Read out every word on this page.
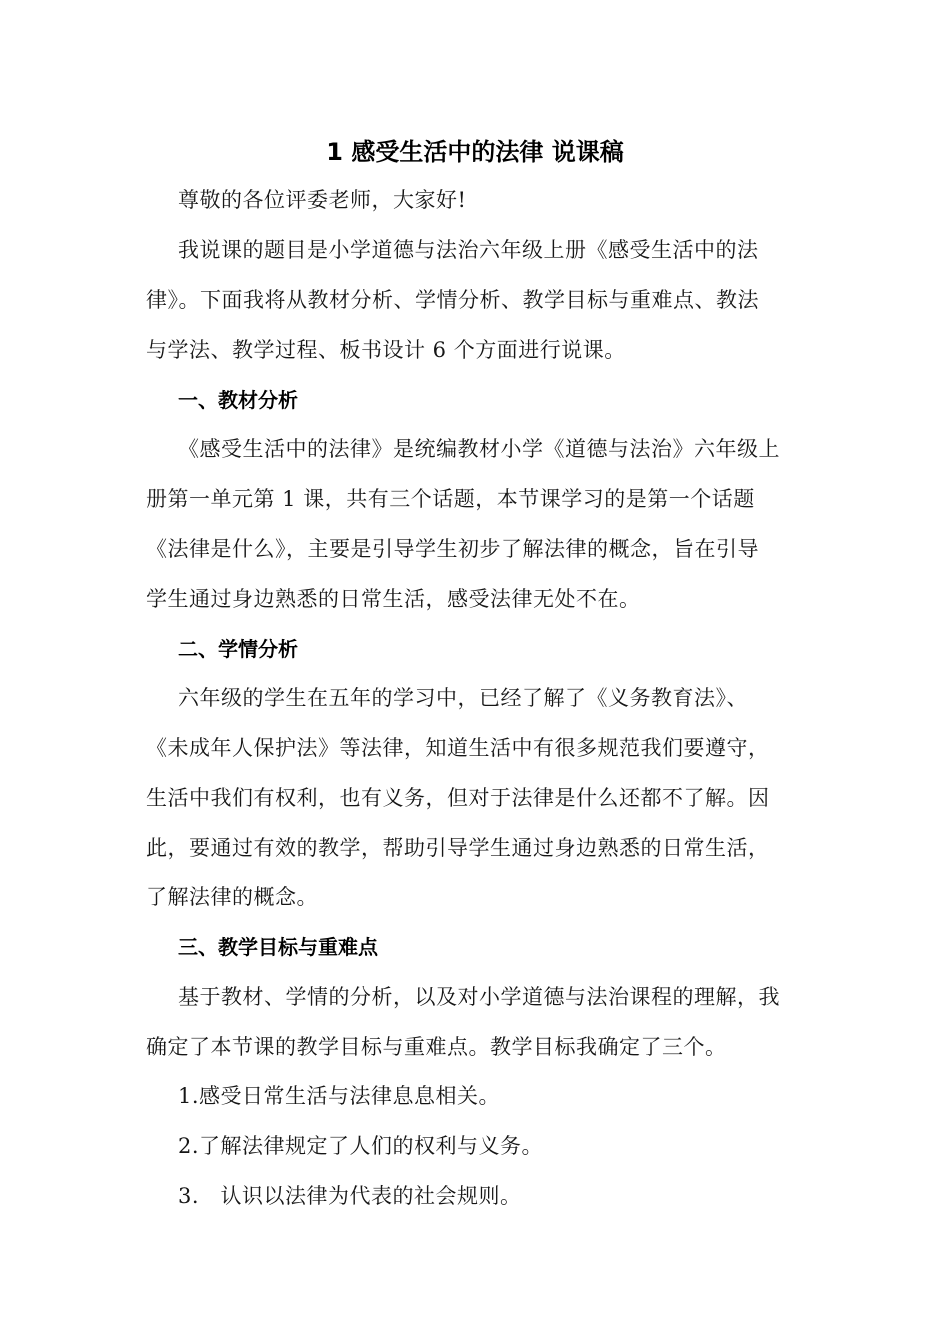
1 感受生活中的法律 说课稿
尊敬的各位评委老师，大家好!
我说课的题目是小学道德与法治六年级上册《感受生活中的法
律》。下面我将从教材分析、学情分析、教学目标与重难点、教法
与学法、教学过程、板书设计 6 个方面进行说课。
一、教材分析
《感受生活中的法律》是统编教材小学《道德与法治》六年级上
册第一单元第 1 课，共有三个话题，本节课学习的是第一个话题
《法律是什么》，主要是引导学生初步了解法律的概念，旨在引导
学生通过身边熟悉的日常生活，感受法律无处不在。
二、学情分析
六年级的学生在五年的学习中，已经了解了《义务教育法》、
《未成年人保护法》等法律，知道生活中有很多规范我们要遵守，
生活中我们有权利，也有义务，但对于法律是什么还都不了解。因
此，要通过有效的教学，帮助引导学生通过身边熟悉的日常生活，
了解法律的概念。
三、教学目标与重难点
基于教材、学情的分析，以及对小学道德与法治课程的理解，我
确定了本节课的教学目标与重难点。教学目标我确定了三个。
1.感受日常生活与法律息息相关。
2.了解法律规定了人们的权利与义务。
3.   认识以法律为代表的社会规则。
